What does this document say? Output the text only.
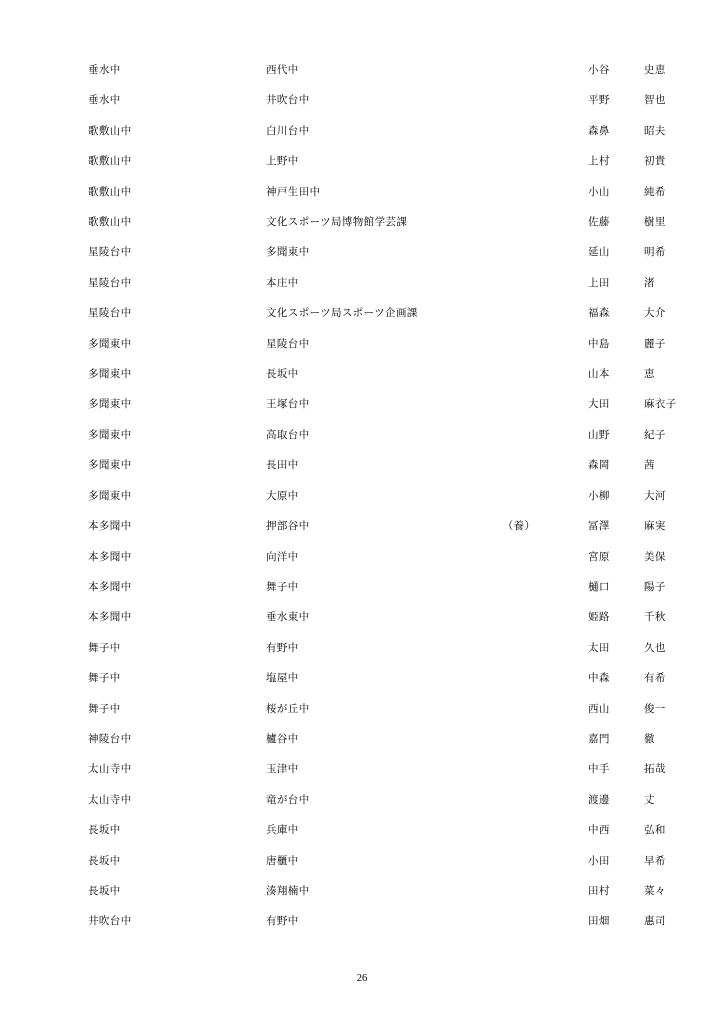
垂水中	西代中			小谷	史恵
垂水中	井吹台中			平野	智也
歌敷山中	白川台中			森鼻	昭夫
歌敷山中	上野中			上村	初貴
歌敷山中	神戸生田中			小山	純希
歌敷山中	文化スポーツ局博物館学芸課			佐藤	樹里
星陵台中	多聞東中			延山	明希
星陵台中	本庄中			上田	渚
星陵台中	文化スポーツ局スポーツ企画課			福森	大介
多聞東中	星陵台中			中島	麗子
多聞東中	長坂中			山本	恵
多聞東中	王塚台中			大田	麻衣子
多聞東中	高取台中			山野	紀子
多聞東中	長田中			森岡	茜
多聞東中	大原中			小柳	大河
本多聞中	押部谷中	（養）		冨澤	麻実
本多聞中	向洋中			宮原	美保
本多聞中	舞子中			樋口	陽子
本多聞中	垂水東中			姫路	千秋
舞子中	有野中			太田	久也
舞子中	塩屋中			中森	有希
舞子中	桜が丘中			西山	俊一
神陵台中	櫨谷中			嘉門	徹
太山寺中	玉津中			中手	拓哉
太山寺中	竜が台中			渡邊	丈
長坂中	兵庫中			中西	弘和
長坂中	唐櫃中			小田	早希
長坂中	湊翔楠中			田村	菜々
井吹台中	有野中			田畑	惠司
26
